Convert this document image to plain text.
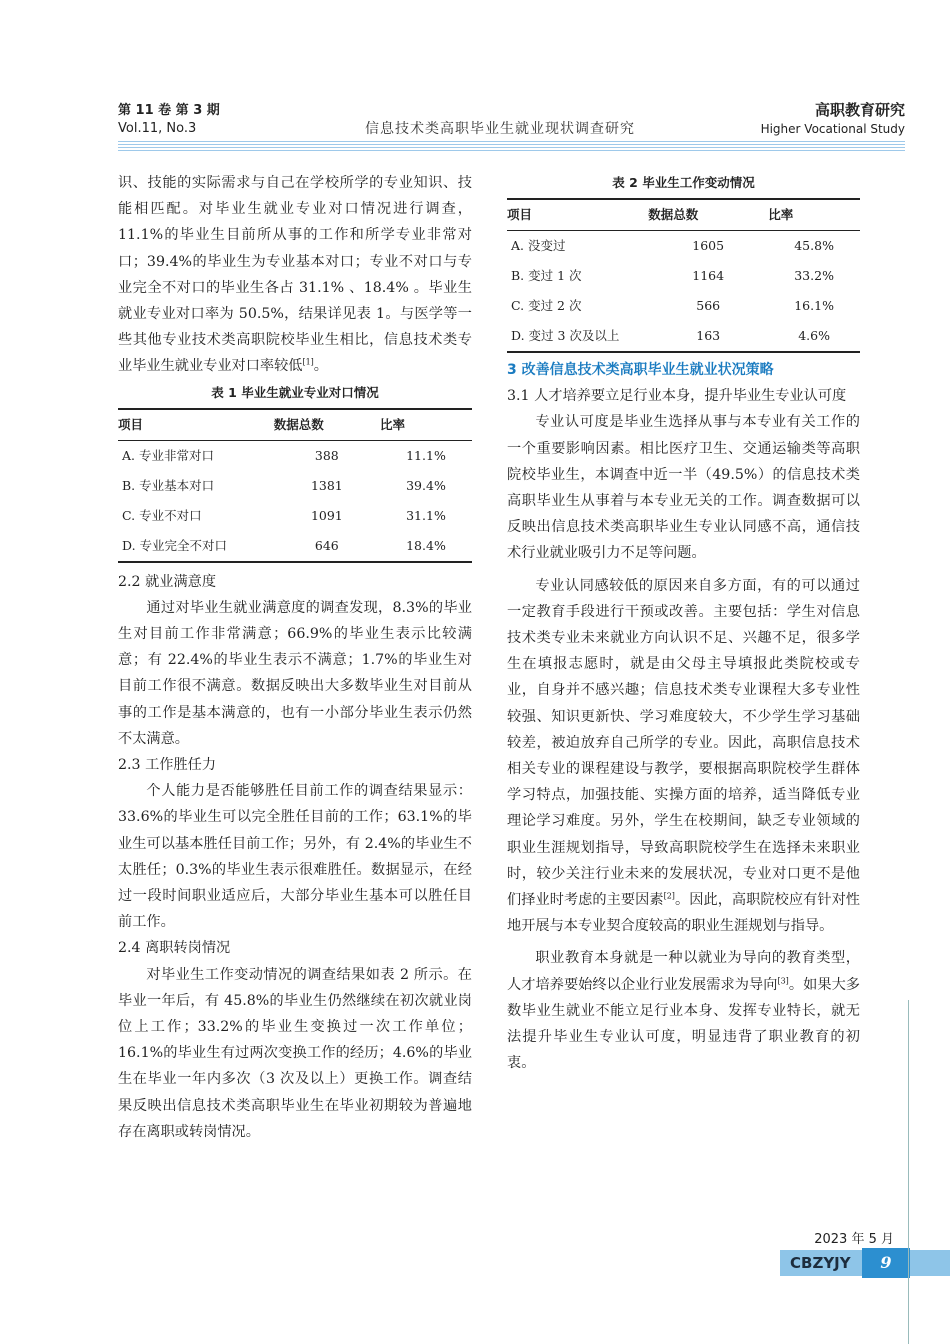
第 11 卷 第 3 期
Vol.11, No.3	信息技术类高职毕业生就业现状调查研究
高职教育研究
Higher Vocational Study

识、技能的实际需求与自己在学校所学的专业知识、技能相匹配。对毕业生就业专业对口情况进行调查，11.1%的毕业生目前所从事的工作和所学专业非常对口；39.4%的毕业生为专业基本对口；专业不对口与专业完全不对口的毕业生各占 31.1% 、18.4% 。毕业生就业专业对口率为 50.5%，结果详见表 1。与医学等一些其他专业技术类高职院校毕业生相比，信息技术类专业毕业生就业专业对口率较低[1]。

表 1 毕业生就业专业对口情况
项目	数据总数	比率
A. 专业非常对口	388	11.1%
B. 专业基本对口	1381	39.4%
C. 专业不对口	1091	31.1%
D. 专业完全不对口	646	18.4%

2.2 就业满意度

通过对毕业生就业满意度的调查发现，8.3%的毕业生对目前工作非常满意；66.9%的毕业生表示比较满意；有 22.4%的毕业生表示不满意；1.7%的毕业生对目前工作很不满意。数据反映出大多数毕业生对目前从事的工作是基本满意的，也有一小部分毕业生表示仍然不太满意。

2.3 工作胜任力

个人能力是否能够胜任目前工作的调查结果显示：33.6%的毕业生可以完全胜任目前的工作；63.1%的毕业生可以基本胜任目前工作；另外，有 2.4%的毕业生不太胜任；0.3%的毕业生表示很难胜任。数据显示，在经过一段时间职业适应后，大部分毕业生基本可以胜任目前工作。

2.4 离职转岗情况

对毕业生工作变动情况的调查结果如表 2 所示。在毕业一年后，有 45.8%的毕业生仍然继续在初次就业岗位上工作；33.2%的毕业生变换过一次工作单位；16.1%的毕业生有过两次变换工作的经历；4.6%的毕业生在毕业一年内多次（3 次及以上）更换工作。调查结果反映出信息技术类高职毕业生在毕业初期较为普遍地存在离职或转岗情况。

表 2 毕业生工作变动情况
项目	数据总数	比率
A. 没变过	1605	45.8%
B. 变过 1 次	1164	33.2%
C. 变过 2 次	566	16.1%
D. 变过 3 次及以上	163	4.6%

3 改善信息技术类高职毕业生就业状况策略

3.1 人才培养要立足行业本身，提升毕业生专业认可度

专业认可度是毕业生选择从事与本专业有关工作的一个重要影响因素。相比医疗卫生、交通运输类等高职院校毕业生，本调查中近一半（49.5%）的信息技术类高职毕业生从事着与本专业无关的工作。调查数据可以反映出信息技术类高职毕业生专业认同感不高，通信技术行业就业吸引力不足等问题。

专业认同感较低的原因来自多方面，有的可以通过一定教育手段进行干预或改善。主要包括：学生对信息技术类专业未来就业方向认识不足、兴趣不足，很多学生在填报志愿时，就是由父母主导填报此类院校或专业，自身并不感兴趣；信息技术类专业课程大多专业性较强、知识更新快、学习难度较大，不少学生学习基础较差，被迫放弃自己所学的专业。因此，高职信息技术相关专业的课程建设与教学，要根据高职院校学生群体学习特点，加强技能、实操方面的培养，适当降低专业理论学习难度。另外，学生在校期间，缺乏专业领域的职业生涯规划指导，导致高职院校学生在选择未来职业时，较少关注行业未来的发展状况，专业对口更不是他们择业时考虑的主要因素[2]。因此，高职院校应有针对性地开展与本专业契合度较高的职业生涯规划与指导。

职业教育本身就是一种以就业为导向的教育类型，人才培养要始终以企业行业发展需求为导向[3]。如果大多数毕业生就业不能立足行业本身、发挥专业特长，就无法提升毕业生专业认可度，明显违背了职业教育的初衷。

2023 年 5 月
CBZYJY	9
